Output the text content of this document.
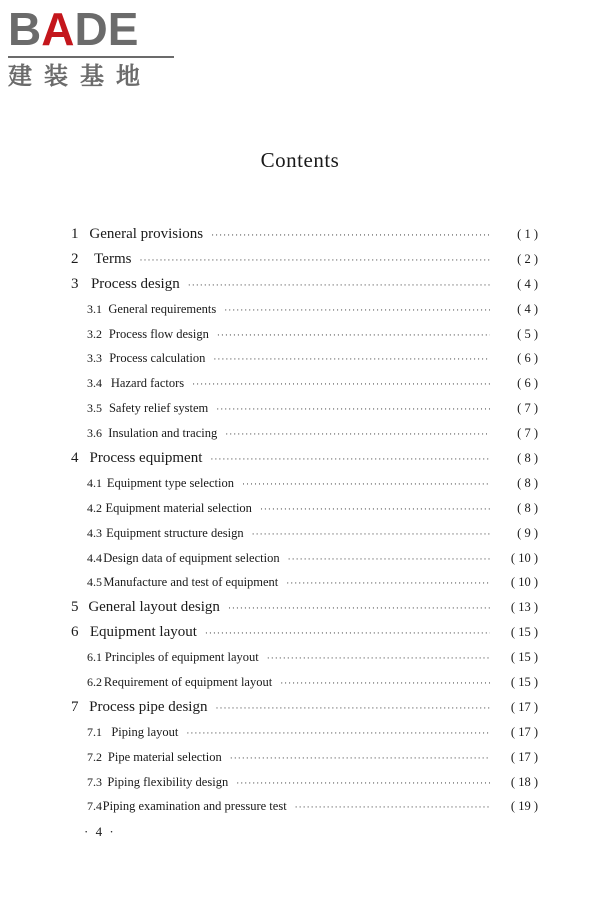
BADE
建装基地
Contents
1 General provisions ·····	( 1 )
2	Terms ·····	( 2 )
3 Process design ·····	( 4 )
3.1 General requirements ·····	( 4 )
3.2 Process flow design ·····	( 5 )
3.3 Process calculation ·····	( 6 )
3.4 Hazard factors ·····	( 6 )
3.5 Safety relief system ·····	( 7 )
3.6 Insulation and tracing ·····	( 7 )
4 Process equipment ·····	( 8 )
4.1 Equipment type selection ·····	( 8 )
4.2 Equipment material selection ·····	( 8 )
4.3 Equipment structure design ·····	( 9 )
4.4 Design data of equipment selection ·····	( 10 )
4.5 Manufacture and test of equipment ·····	( 10 )
5 General layout design ·····	( 13 )
6 Equipment layout ·····	( 15 )
6.1 Principles of equipment layout ·····	( 15 )
6.2 Requirement of equipment layout ·····	( 15 )
7 Process pipe design ·····	( 17 )
7.1 Piping layout ·····	( 17 )
7.2 Pipe material selection ·····	( 17 )
7.3 Piping flexibility design ·····	( 18 )
7.4 Piping examination and pressure test ·····	( 19 )
· 4 ·
